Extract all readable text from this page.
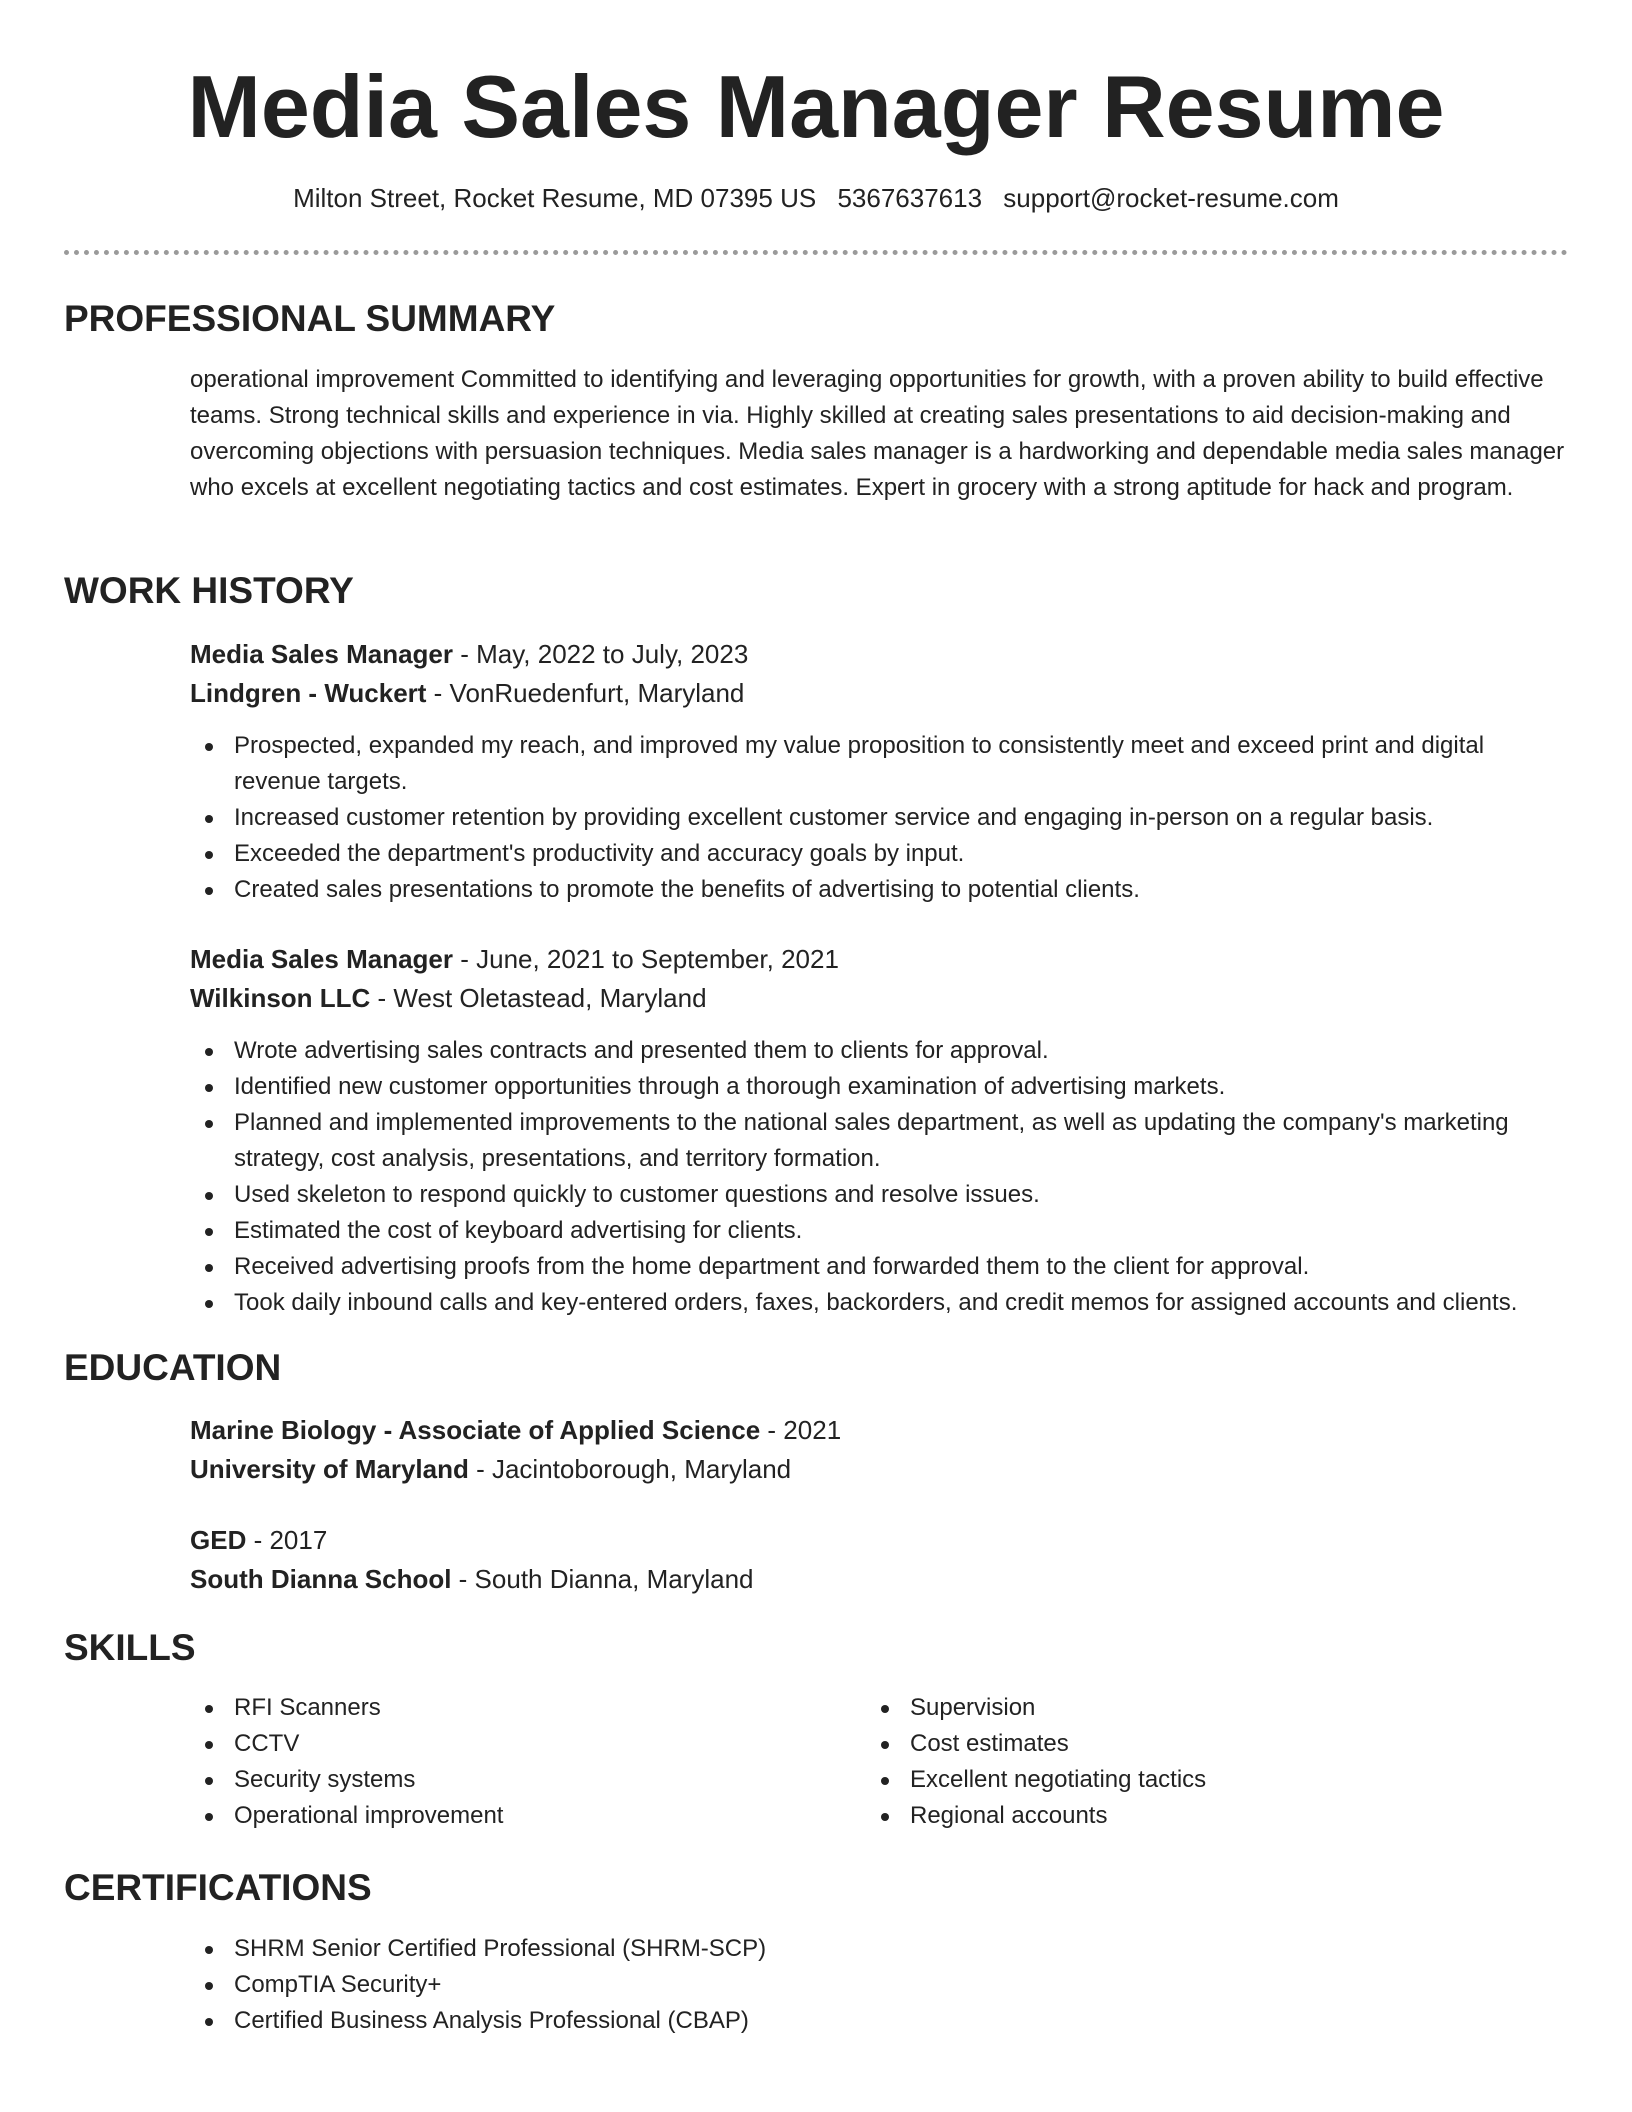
Media Sales Manager Resume
Milton Street, Rocket Resume, MD 07395 US 5367637613 support@rocket-resume.com
PROFESSIONAL SUMMARY

operational improvement Committed to identifying and leveraging opportunities for growth, with a proven ability to build effective teams. Strong technical skills and experience in via. Highly skilled at creating sales presentations to aid decision-making and overcoming objections with persuasion techniques. Media sales manager is a hardworking and dependable media sales manager who excels at excellent negotiating tactics and cost estimates. Expert in grocery with a strong aptitude for hack and program.

WORK HISTORY

Media Sales Manager - May, 2022 to July, 2023

Lindgren - Wuckert - VonRuedenfurt, Maryland

Prospected, expanded my reach, and improved my value proposition to consistently meet and exceed print and digital revenue targets.
Increased customer retention by providing excellent customer service and engaging in-person on a regular basis.
Exceeded the department's productivity and accuracy goals by input.
Created sales presentations to promote the benefits of advertising to potential clients.

Media Sales Manager - June, 2021 to September, 2021

Wilkinson LLC - West Oletastead, Maryland

Wrote advertising sales contracts and presented them to clients for approval.
Identified new customer opportunities through a thorough examination of advertising markets.
Planned and implemented improvements to the national sales department, as well as updating the company's marketing strategy, cost analysis, presentations, and territory formation.
Used skeleton to respond quickly to customer questions and resolve issues.
Estimated the cost of keyboard advertising for clients.
Received advertising proofs from the home department and forwarded them to the client for approval.
Took daily inbound calls and key-entered orders, faxes, backorders, and credit memos for assigned accounts and clients.
EDUCATION

Marine Biology - Associate of Applied Science - 2021

University of Maryland - Jacintoborough, Maryland

GED - 2017

South Dianna School - South Dianna, Maryland

SKILLS
RFI Scanners
CCTV
Security systems
Operational improvement
Supervision
Cost estimates
Excellent negotiating tactics
Regional accounts
CERTIFICATIONS
SHRM Senior Certified Professional (SHRM-SCP)
CompTIA Security+
Certified Business Analysis Professional (CBAP)
